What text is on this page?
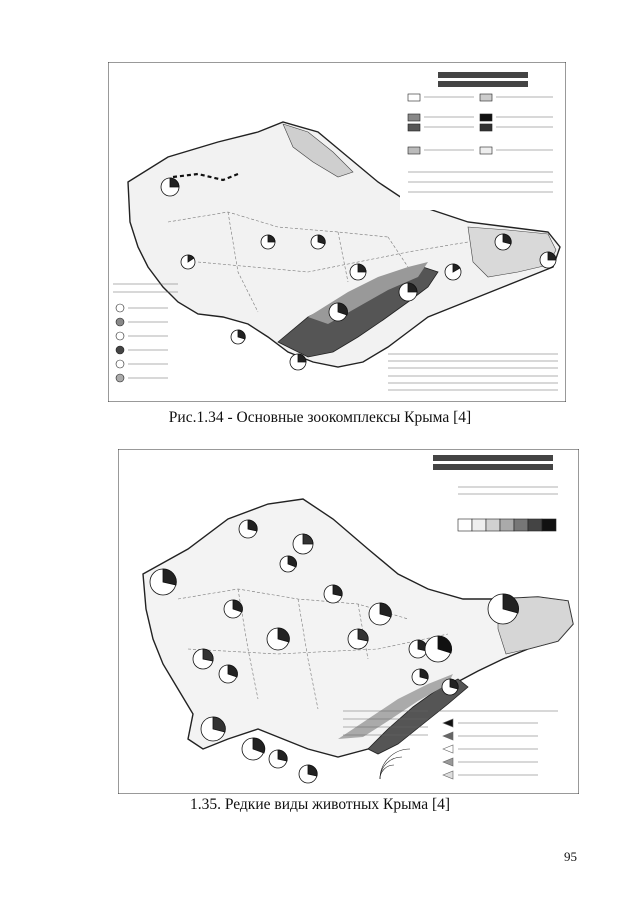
Рис.1.34 - Основные зоокомплексы Крыма [4]
1.35. Редкие виды животных Крыма [4]
95
